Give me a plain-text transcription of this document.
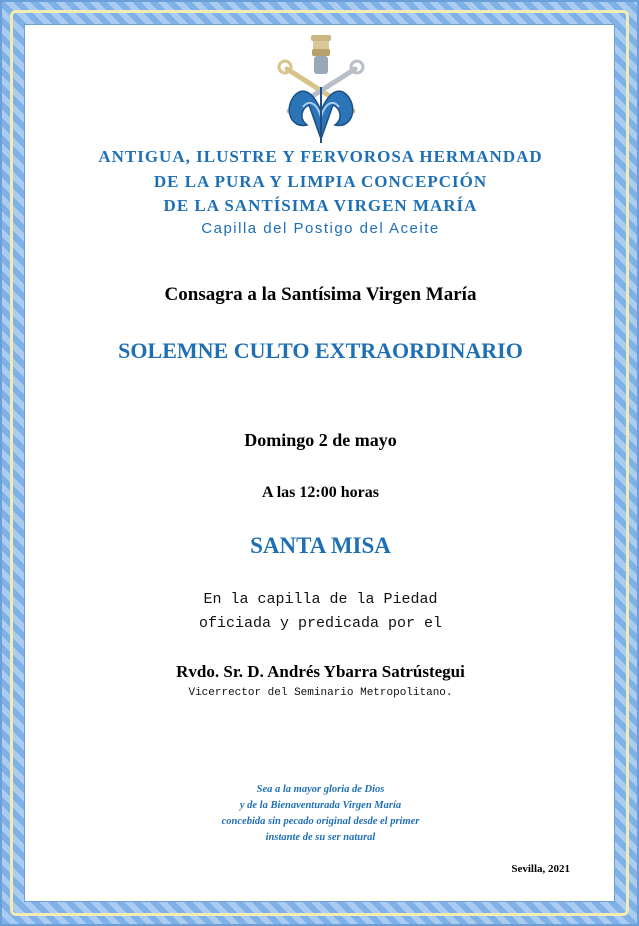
ANTIGUA, ILUSTRE Y FERVOROSA HERMANDAD
DE LA PURA Y LIMPIA CONCEPCIÓN
DE LA SANTÍSIMA VIRGEN MARÍA
Capilla del Postigo del Aceite
Consagra a la Santísima Virgen María
SOLEMNE CULTO EXTRAORDINARIO
Domingo 2 de mayo
A las 12:00 horas
SANTA MISA
En la capilla de la Piedad
oficiada y predicada por el
Rvdo. Sr. D. Andrés Ybarra Satrústegui
Vicerrector del Seminario Metropolitano.
Sea a la mayor gloria de Dios
y de la Bienaventurada Virgen María
concebida sin pecado original desde el primer
instante de su ser natural
Sevilla, 2021
